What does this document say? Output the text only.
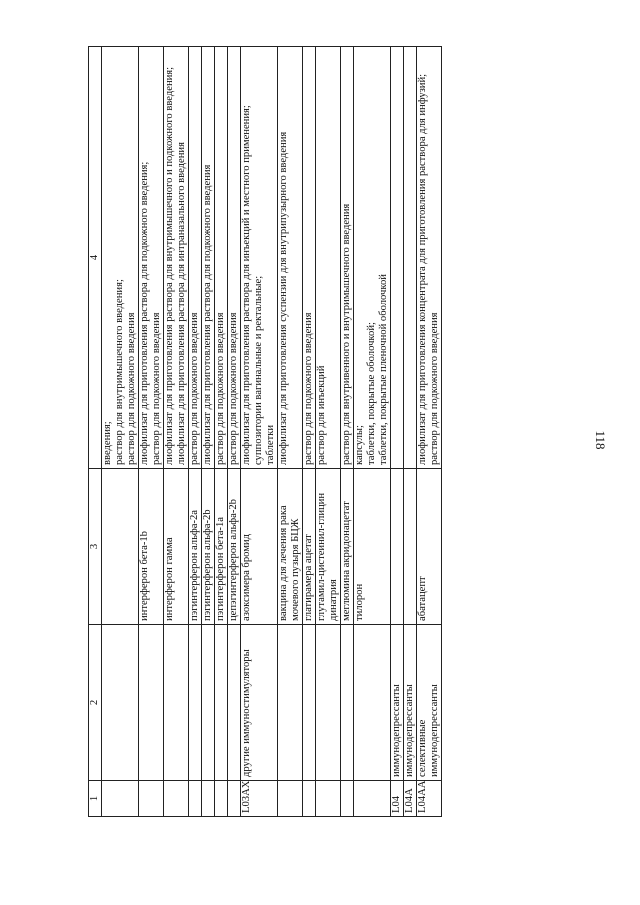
118
1	2	3	4

			введения; раствор для внутримышечного введения; раствор для подкожного введения

		интерферон бета-1b	лиофилизат для приготовления раствора для подкожного введения; раствор для подкожного введения

		интерферон гамма	лиофилизат для приготовления раствора для внутримышечного и подкожного введения; лиофилизат для приготовления раствора для интраназального введения

		пэгинтерферон альфа-2a	раствор для подкожного введения

		пэгинтерферон альфа-2b	лиофилизат для приготовления раствора для подкожного введения

		пэгинтерферон бета-1a	раствор для подкожного введения

		цепэгинтерферон альфа-2b	раствор для подкожного введения

L03AX	другие иммуностимуляторы	азоксимера бромид	лиофилизат для приготовления раствора для инъекций и местного применения; суппозитории вагинальные и ректальные; таблетки

		вакцина для лечения рака мочевого пузыря БЦЖ	лиофилизат для приготовления суспензии для внутрипузырного введения

		глатирамера ацетат	раствор для подкожного введения

		глутамил-цистеинил-глицин динатрия	раствор для инъекций

		меглюмина акридонацетат	раствор для внутривенного и внутримышечного введения

		тилорон	капсулы; таблетки, покрытые оболочкой; таблетки, покрытые пленочной оболочкой

L04	иммунодепрессанты		
L04A	иммунодепрессанты		
L04AA	селективные иммунодепрессанты	абатацепт	лиофилизат для приготовления концентрата для приготовления раствора для инфузий; раствор для подкожного введения
